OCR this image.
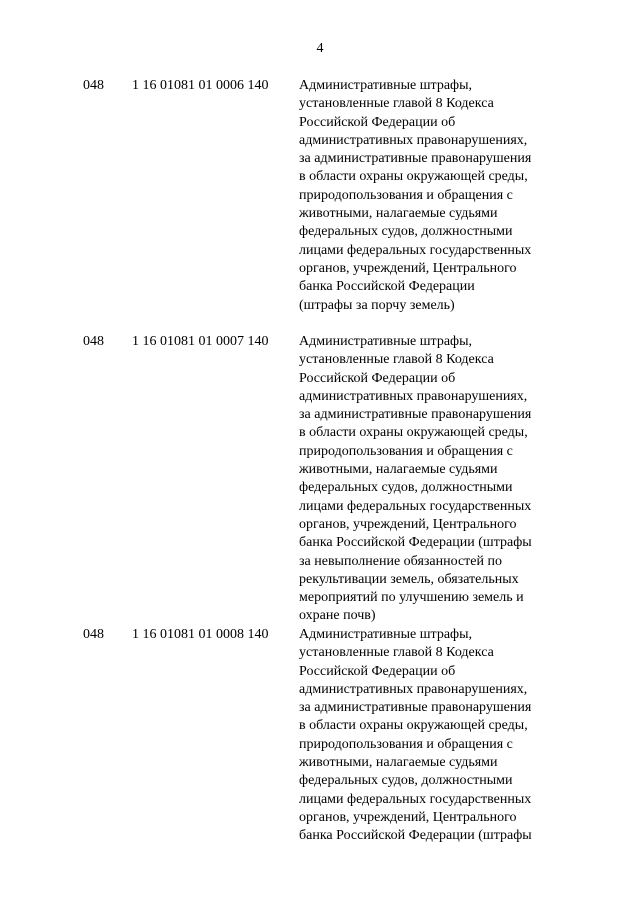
4
048 1 16 01081 01 0006 140 Административные штрафы,
установленные главой 8 Кодекса
Российской Федерации об
административных правонарушениях,
за административные правонарушения
в области охраны окружающей среды,
природопользования и обращения с
животными, налагаемые судьями
федеральных судов, должностными
лицами федеральных государственных
органов, учреждений, Центрального
банка Российской Федерации
(штрафы за порчу земель)
048 1 16 01081 01 0007 140 Административные штрафы,
установленные главой 8 Кодекса
Российской Федерации об
административных правонарушениях,
за административные правонарушения
в области охраны окружающей среды,
природопользования и обращения с
животными, налагаемые судьями
федеральных судов, должностными
лицами федеральных государственных
органов, учреждений, Центрального
банка Российской Федерации (штрафы
за невыполнение обязанностей по
рекультивации земель, обязательных
мероприятий по улучшению земель и
охране почв)
048 1 16 01081 01 0008 140 Административные штрафы,
установленные главой 8 Кодекса
Российской Федерации об
административных правонарушениях,
за административные правонарушения
в области охраны окружающей среды,
природопользования и обращения с
животными, налагаемые судьями
федеральных судов, должностными
лицами федеральных государственных
органов, учреждений, Центрального
банка Российской Федерации (штрафы
